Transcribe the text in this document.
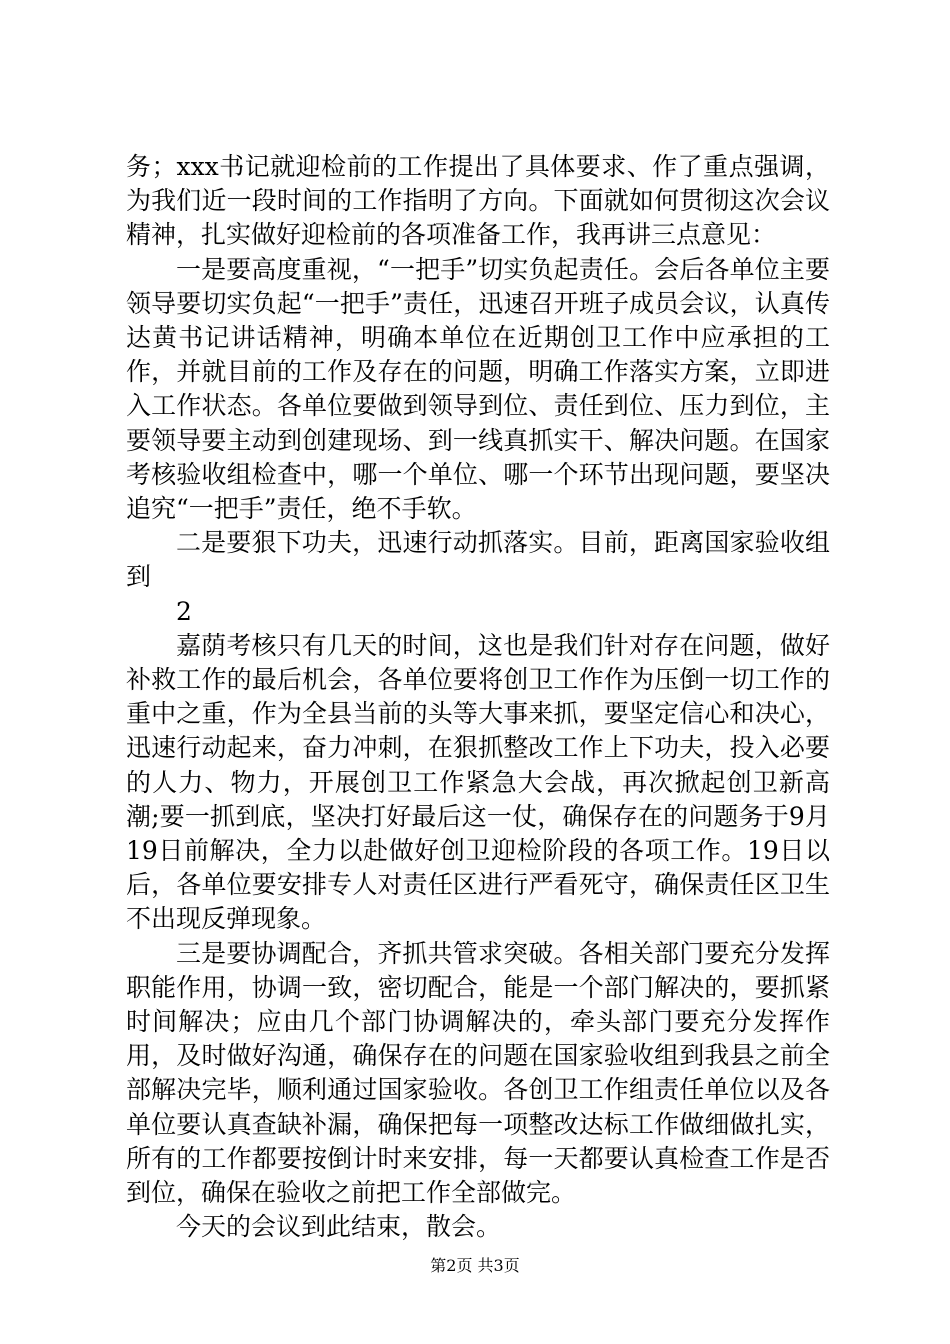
务；xxx书记就迎检前的工作提出了具体要求、作了重点强调，为我们近一段时间的工作指明了方向。下面就如何贯彻这次会议精神，扎实做好迎检前的各项准备工作，我再讲三点意见：

一是要高度重视，“一把手”切实负起责任。会后各单位主要领导要切实负起“一把手”责任，迅速召开班子成员会议，认真传达黄书记讲话精神，明确本单位在近期创卫工作中应承担的工作，并就目前的工作及存在的问题，明确工作落实方案，立即进入工作状态。各单位要做到领导到位、责任到位、压力到位，主要领导要主动到创建现场、到一线真抓实干、解决问题。在国家考核验收组检查中，哪一个单位、哪一个环节出现问题，要坚决追究“一把手”责任，绝不手软。

二是要狠下功夫，迅速行动抓落实。目前，距离国家验收组到

2

嘉荫考核只有几天的时间，这也是我们针对存在问题，做好补救工作的最后机会，各单位要将创卫工作作为压倒一切工作的重中之重，作为全县当前的头等大事来抓，要坚定信心和决心，迅速行动起来，奋力冲刺，在狠抓整改工作上下功夫，投入必要的人力、物力，开展创卫工作紧急大会战，再次掀起创卫新高潮;要一抓到底，坚决打好最后这一仗，确保存在的问题务于9月19日前解决，全力以赴做好创卫迎检阶段的各项工作。19日以后，各单位要安排专人对责任区进行严看死守，确保责任区卫生不出现反弹现象。

三是要协调配合，齐抓共管求突破。各相关部门要充分发挥职能作用，协调一致，密切配合，能是一个部门解决的，要抓紧时间解决；应由几个部门协调解决的，牵头部门要充分发挥作用，及时做好沟通，确保存在的问题在国家验收组到我县之前全部解决完毕，顺利通过国家验收。各创卫工作组责任单位以及各单位要认真查缺补漏，确保把每一项整改达标工作做细做扎实，所有的工作都要按倒计时来安排，每一天都要认真检查工作是否到位，确保在验收之前把工作全部做完。

今天的会议到此结束，散会。

第2页 共3页
